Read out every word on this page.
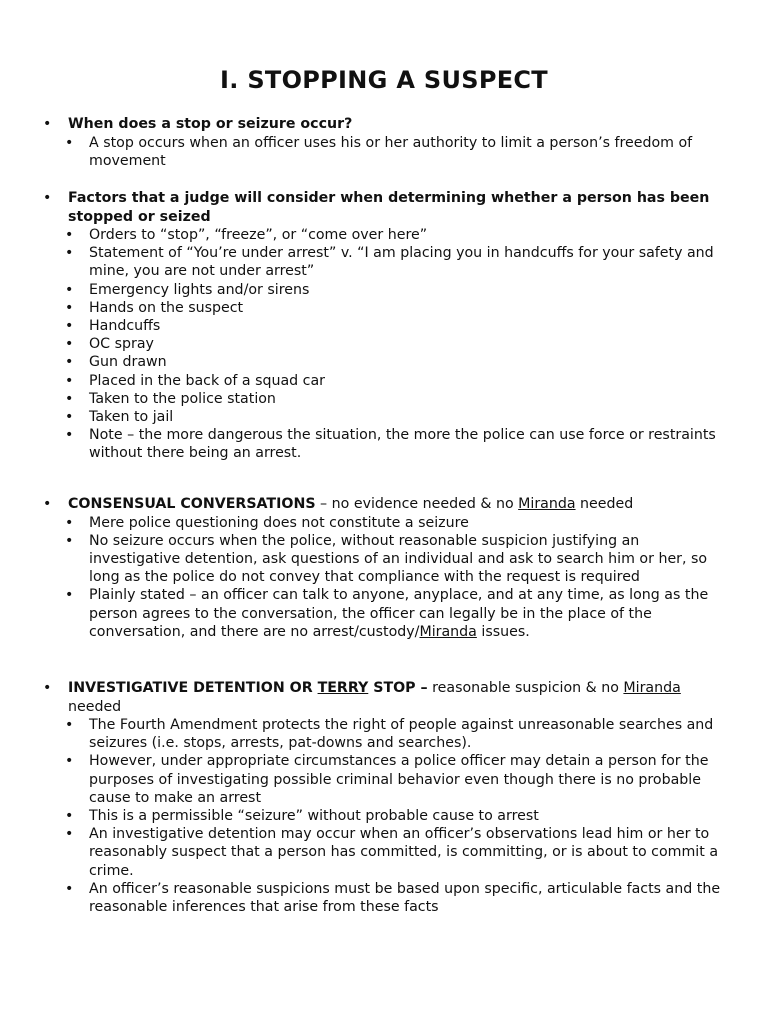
I. STOPPING A SUSPECT
•	When does a stop or seizure occur?
•	A stop occurs when an officer uses his or her authority to limit a person’s freedom of movement
•	Factors that a judge will consider when determining whether a person has been stopped or seized
•	Orders to “stop”, “freeze”, or “come over here”
•	Statement of “You’re under arrest” v. “I am placing you in handcuffs for your safety and mine, you are not under arrest”
•	Emergency lights and/or sirens
•	Hands on the suspect
•	Handcuffs
•	OC spray
•	Gun drawn
•	Placed in the back of a squad car
•	Taken to the police station
•	Taken to jail
•	Note – the more dangerous the situation, the more the police can use force or restraints without there being an arrest.
•	CONSENSUAL CONVERSATIONS – no evidence needed & no Miranda needed
•	Mere police questioning does not constitute a seizure
•	No seizure occurs when the police, without reasonable suspicion justifying an investigative detention, ask questions of an individual and ask to search him or her, so long as the police do not convey that compliance with the request is required
•	Plainly stated – an officer can talk to anyone, anyplace, and at any time, as long as the person agrees to the conversation, the officer can legally be in the place of the conversation, and there are no arrest/custody/Miranda issues.
•	INVESTIGATIVE DETENTION OR TERRY STOP – reasonable suspicion & no Miranda needed
•	The Fourth Amendment protects the right of people against unreasonable searches and seizures (i.e. stops, arrests, pat-downs and searches).
•	However, under appropriate circumstances a police officer may detain a person for the purposes of investigating possible criminal behavior even though there is no probable cause to make an arrest
•	This is a permissible “seizure” without probable cause to arrest
•	An investigative detention may occur when an officer’s observations lead him or her to reasonably suspect that a person has committed, is committing, or is about to commit a crime.
•	An officer’s reasonable suspicions must be based upon specific, articulable facts and the reasonable inferences that arise from these facts
